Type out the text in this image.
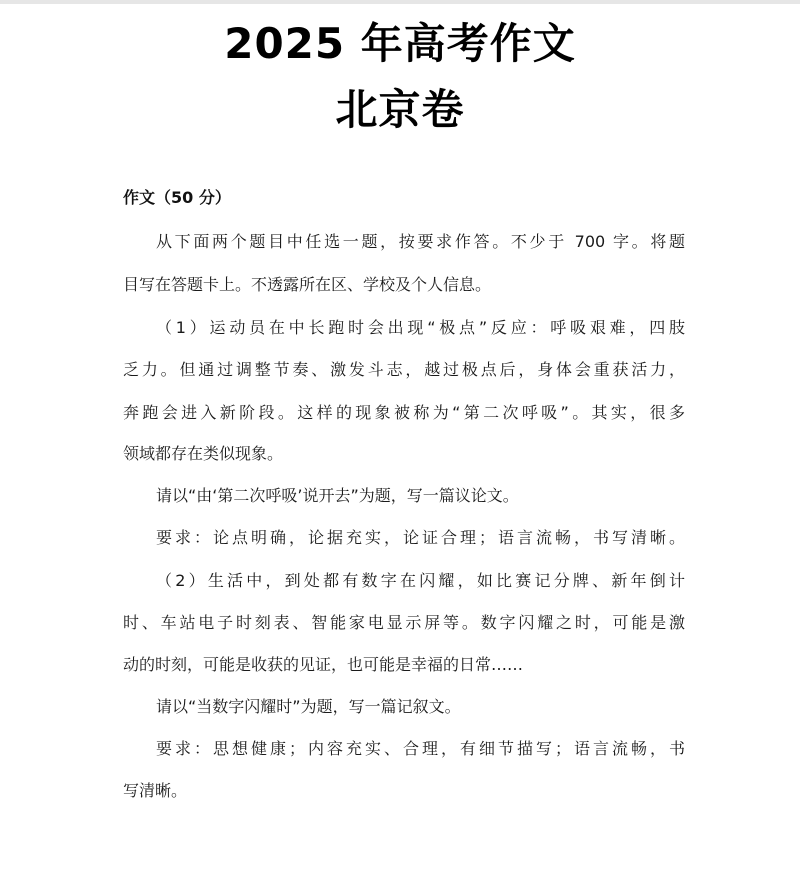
2025 年高考作文
北京卷
作文（50 分）
从下面两个题目中任选一题，按要求作答。不少于 700 字。将题
目写在答题卡上。不透露所在区、学校及个人信息。
（1）运动员在中长跑时会出现“极点”反应：呼吸艰难，四肢
乏力。但通过调整节奏、激发斗志，越过极点后，身体会重获活力，
奔跑会进入新阶段。这样的现象被称为“第二次呼吸”。其实，很多
领域都存在类似现象。
请以“由‘第二次呼吸’说开去”为题，写一篇议论文。
要求：论点明确，论据充实，论证合理；语言流畅，书写清晰。
（2）生活中，到处都有数字在闪耀，如比赛记分牌、新年倒计
时、车站电子时刻表、智能家电显示屏等。数字闪耀之时，可能是激
动的时刻，可能是收获的见证，也可能是幸福的日常……
请以“当数字闪耀时”为题，写一篇记叙文。
要求：思想健康；内容充实、合理，有细节描写；语言流畅，书
写清晰。
